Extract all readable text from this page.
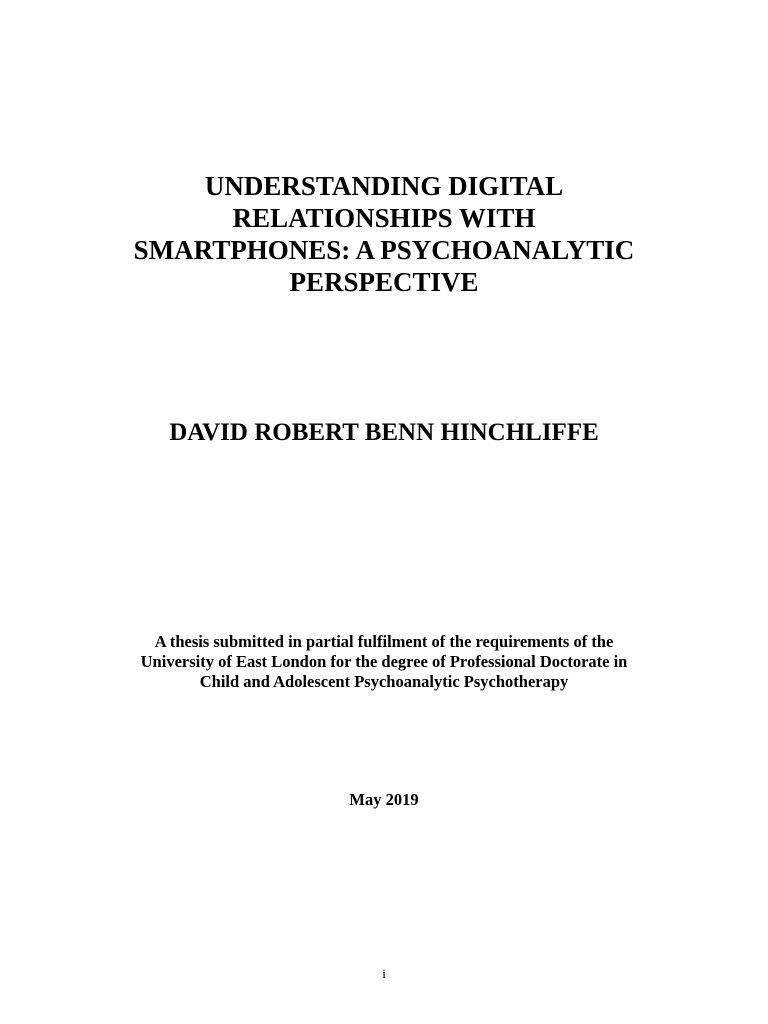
UNDERSTANDING DIGITAL
RELATIONSHIPS WITH
SMARTPHONES: A PSYCHOANALYTIC
PERSPECTIVE
DAVID ROBERT BENN HINCHLIFFE
A thesis submitted in partial fulfilment of the requirements of the
University of East London for the degree of Professional Doctorate in
Child and Adolescent Psychoanalytic Psychotherapy
May 2019
i
